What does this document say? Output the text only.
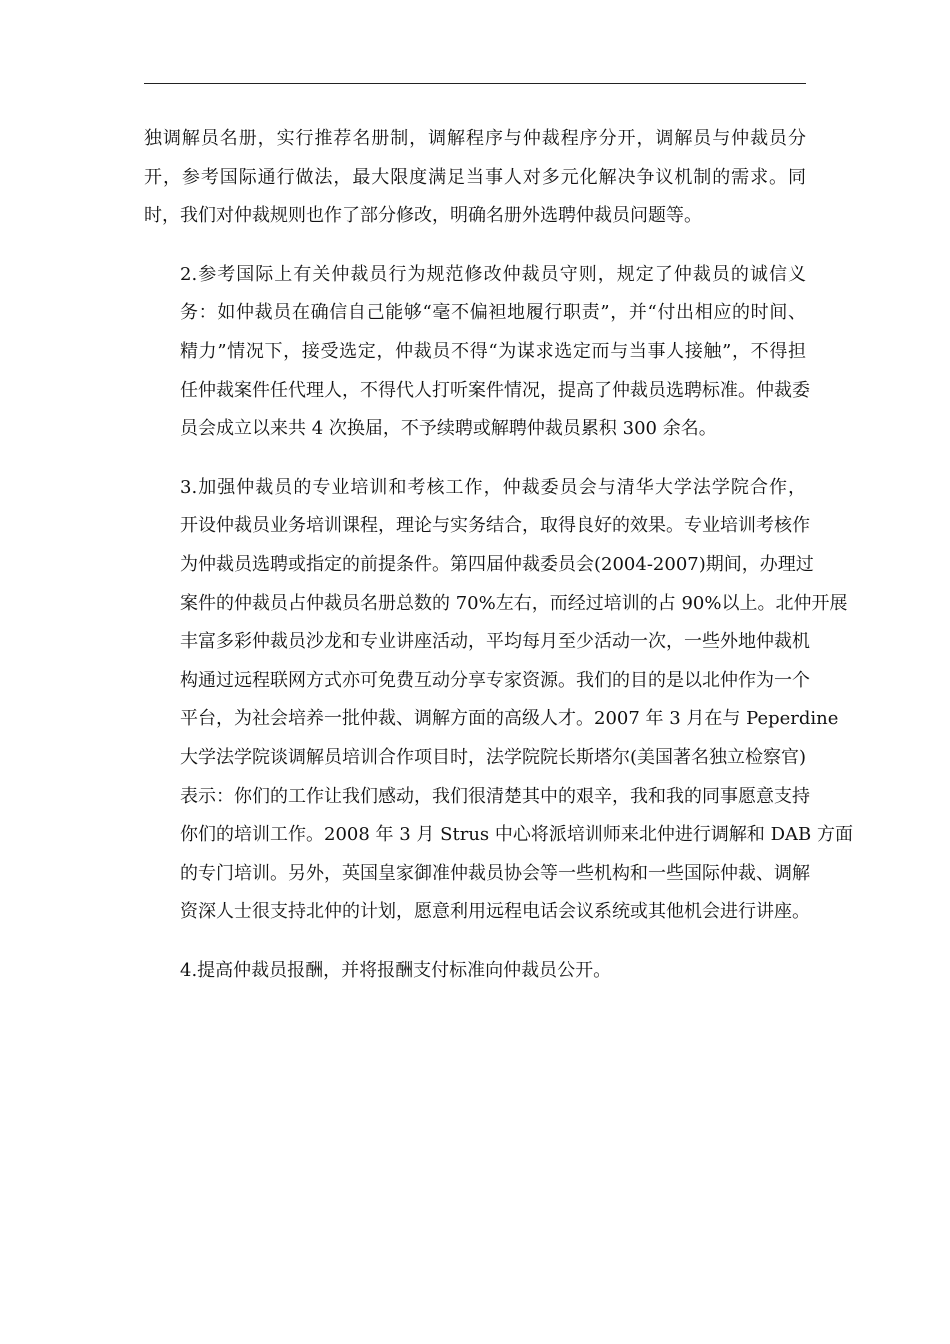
独调解员名册，实行推荐名册制，调解程序与仲裁程序分开，调解员与仲裁员分
开，参考国际通行做法，最大限度满足当事人对多元化解决争议机制的需求。同
时，我们对仲裁规则也作了部分修改，明确名册外选聘仲裁员问题等。

2.参考国际上有关仲裁员行为规范修改仲裁员守则，规定了仲裁员的诚信义
务：如仲裁员在确信自己能够“毫不偏袒地履行职责”，并“付出相应的时间、
精力”情况下，接受选定，仲裁员不得“为谋求选定而与当事人接触”，不得担
任仲裁案件任代理人，不得代人打听案件情况，提高了仲裁员选聘标准。仲裁委
员会成立以来共 4 次换届，不予续聘或解聘仲裁员累积 300 余名。

3.加强仲裁员的专业培训和考核工作，仲裁委员会与清华大学法学院合作，
开设仲裁员业务培训课程，理论与实务结合，取得良好的效果。专业培训考核作
为仲裁员选聘或指定的前提条件。第四届仲裁委员会(2004-2007)期间，办理过
案件的仲裁员占仲裁员名册总数的 70%左右，而经过培训的占 90%以上。北仲开展
丰富多彩仲裁员沙龙和专业讲座活动，平均每月至少活动一次，一些外地仲裁机
构通过远程联网方式亦可免费互动分享专家资源。我们的目的是以北仲作为一个
平台，为社会培养一批仲裁、调解方面的高级人才。2007 年 3 月在与 Peperdine
大学法学院谈调解员培训合作项目时，法学院院长斯塔尔(美国著名独立检察官)
表示：你们的工作让我们感动，我们很清楚其中的艰辛，我和我的同事愿意支持
你们的培训工作。2008 年 3 月 Strus 中心将派培训师来北仲进行调解和 DAB 方面
的专门培训。另外，英国皇家御准仲裁员协会等一些机构和一些国际仲裁、调解
资深人士很支持北仲的计划，愿意利用远程电话会议系统或其他机会进行讲座。

4.提高仲裁员报酬，并将报酬支付标准向仲裁员公开。
